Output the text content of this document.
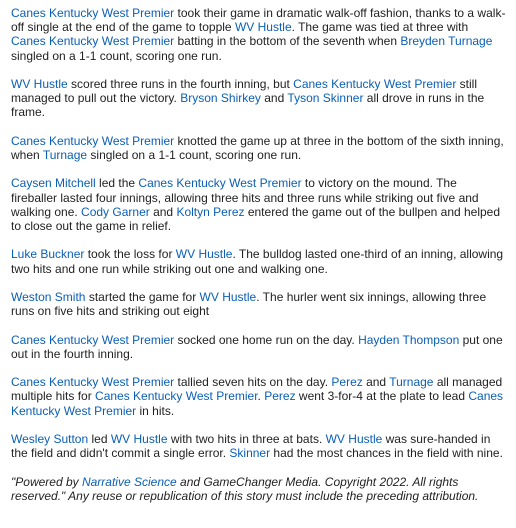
Canes Kentucky West Premier took their game in dramatic walk-off fashion, thanks to a walk-off single at the end of the game to topple WV Hustle. The game was tied at three with Canes Kentucky West Premier batting in the bottom of the seventh when Breyden Turnage singled on a 1-1 count, scoring one run.

WV Hustle scored three runs in the fourth inning, but Canes Kentucky West Premier still managed to pull out the victory. Bryson Shirkey and Tyson Skinner all drove in runs in the frame.

Canes Kentucky West Premier knotted the game up at three in the bottom of the sixth inning, when Turnage singled on a 1-1 count, scoring one run.

Caysen Mitchell led the Canes Kentucky West Premier to victory on the mound. The fireballer lasted four innings, allowing three hits and three runs while striking out five and walking one. Cody Garner and Koltyn Perez entered the game out of the bullpen and helped to close out the game in relief.

Luke Buckner took the loss for WV Hustle. The bulldog lasted one-third of an inning, allowing two hits and one run while striking out one and walking one.

Weston Smith started the game for WV Hustle. The hurler went six innings, allowing three runs on five hits and striking out eight

Canes Kentucky West Premier socked one home run on the day. Hayden Thompson put one out in the fourth inning.

Canes Kentucky West Premier tallied seven hits on the day. Perez and Turnage all managed multiple hits for Canes Kentucky West Premier. Perez went 3-for-4 at the plate to lead Canes Kentucky West Premier in hits.

Wesley Sutton led WV Hustle with two hits in three at bats. WV Hustle was sure-handed in the field and didn't commit a single error. Skinner had the most chances in the field with nine.

"Powered by Narrative Science and GameChanger Media. Copyright 2022. All rights reserved." Any reuse or republication of this story must include the preceding attribution.
